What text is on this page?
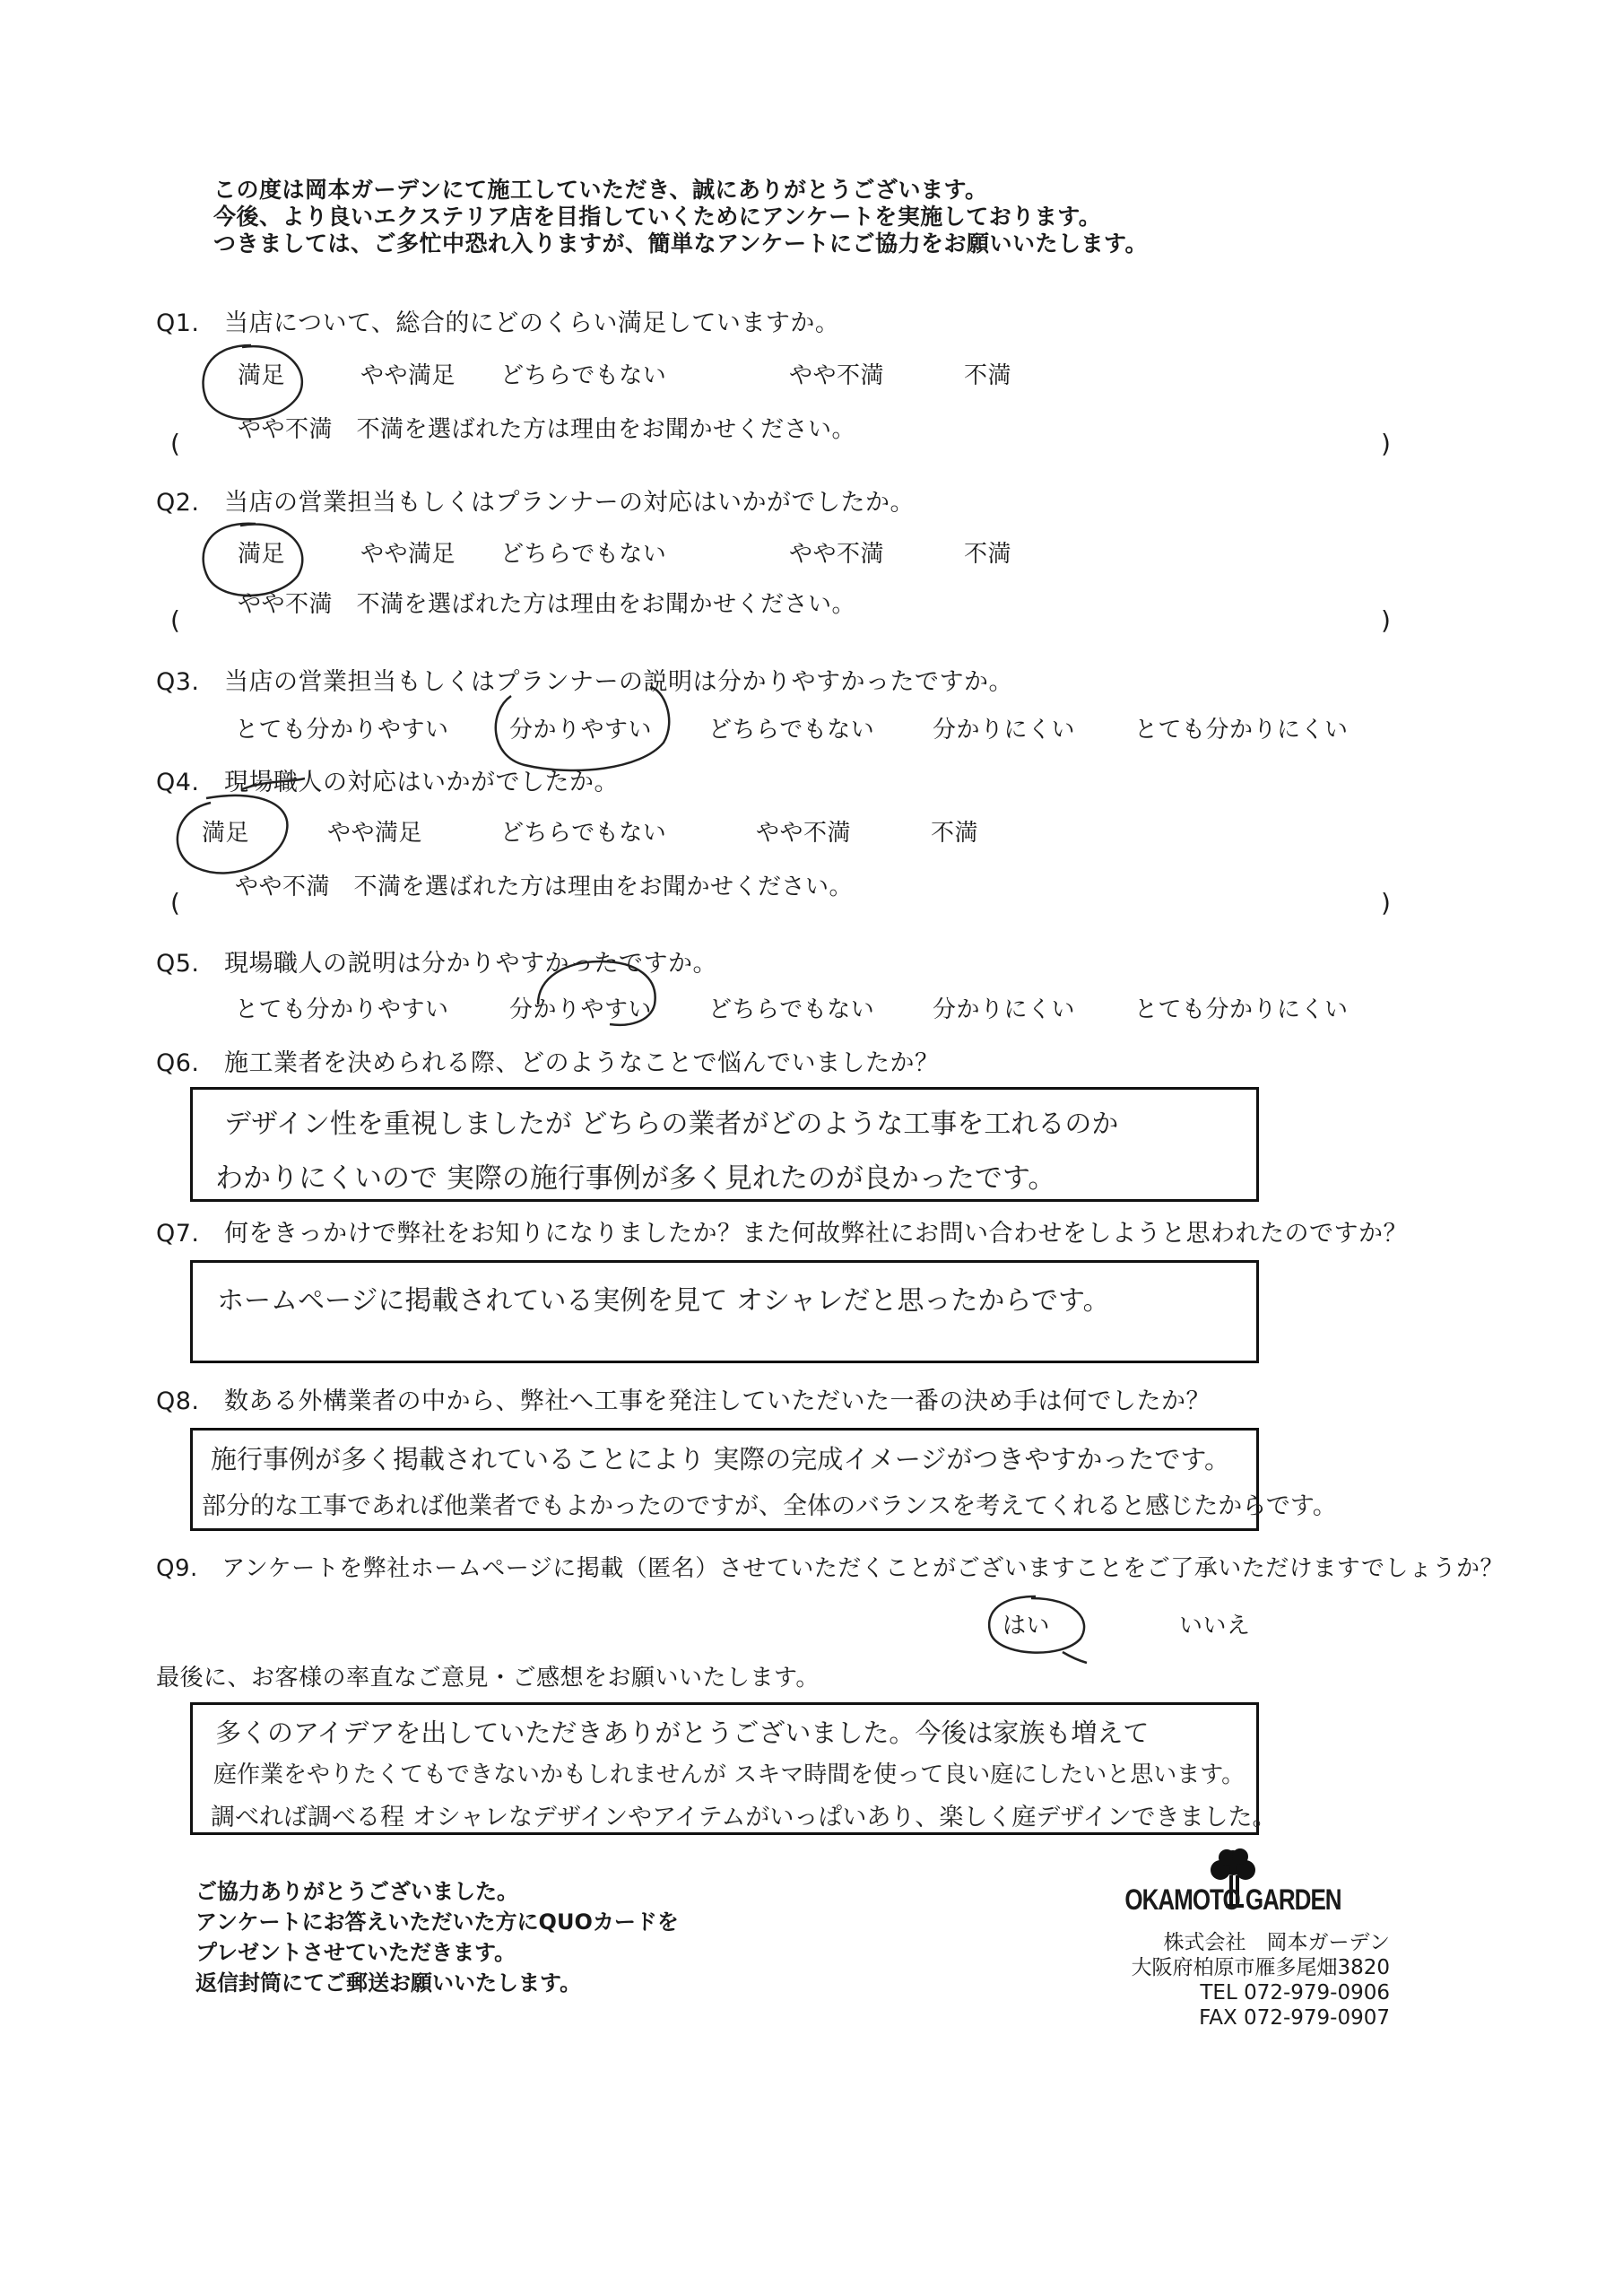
この度は岡本ガーデンにて施工していただき、誠にありがとうございます。
今後、より良いエクステリア店を目指していくためにアンケートを実施しております。
つきましては、ご多忙中恐れ入りますが、簡単なアンケートにご協力をお願いいたします。
Q1.　当店について、総合的にどのくらい満足していますか。
満足	やや満足 どちらでもない	やや不満	不満
やや不満　不満を選ばれた方は理由をお聞かせください。
(	)
Q2.　当店の営業担当もしくはプランナーの対応はいかがでしたか。
満足	やや満足 どちらでもない	やや不満	不満
やや不満　不満を選ばれた方は理由をお聞かせください。
(	)
Q3.　当店の営業担当もしくはプランナーの説明は分かりやすかったですか。
とても分かりやすい	分かりやすい どちらでもない 分かりにくい	とても分かりにくい
Q4.　現場職人の対応はいかがでしたか。
満足	やや満足	どちらでもない	やや不満	不満
やや不満　不満を選ばれた方は理由をお聞かせください。
(	)
Q5.　現場職人の説明は分かりやすかったですか。
とても分かりやすい	分かりやすい どちらでもない 分かりにくい	とても分かりにくい
Q6.　施工業者を決められる際、どのようなことで悩んでいましたか？
デザイン性を重視しましたが どちらの業者がどのような工事を工れるのか
わかりにくいので 実際の施行事例が多く見れたのが良かったです。
Q7.　何をきっかけで弊社をお知りになりましたか？また何故弊社にお問い合わせをしようと思われたのですか？
ホームページに掲載されている実例を見て オシャレだと思ったからです。
Q8.　数ある外構業者の中から、弊社へ工事を発注していただいた一番の決め手は何でしたか？
施行事例が多く掲載されていることにより 実際の完成イメージがつきやすかったです。
部分的な工事であれば他業者でもよかったのですが、全体のバランスを考えてくれると感じたからです。
Q9.　アンケートを弊社ホームページに掲載（匿名）させていただくことがございますことをご了承いただけますでしょうか？
はい	いいえ
最後に、お客様の率直なご意見・ご感想をお願いいたします。
多くのアイデアを出していただきありがとうございました。今後は家族も増えて
庭作業をやりたくてもできないかもしれませんが スキマ時間を使って良い庭にしたいと思います。
調べれば調べる程 オシャレなデザインやアイテムがいっぱいあり、楽しく庭デザインできました。
ご協力ありがとうございました。
アンケートにお答えいただいた方にQUOカードを
プレゼントさせていただきます。
返信封筒にてご郵送お願いいたします。
OKAMOTO GARDEN
株式会社　岡本ガーデン
大阪府柏原市雁多尾畑3820
TEL 072-979-0906
FAX 072-979-0907
